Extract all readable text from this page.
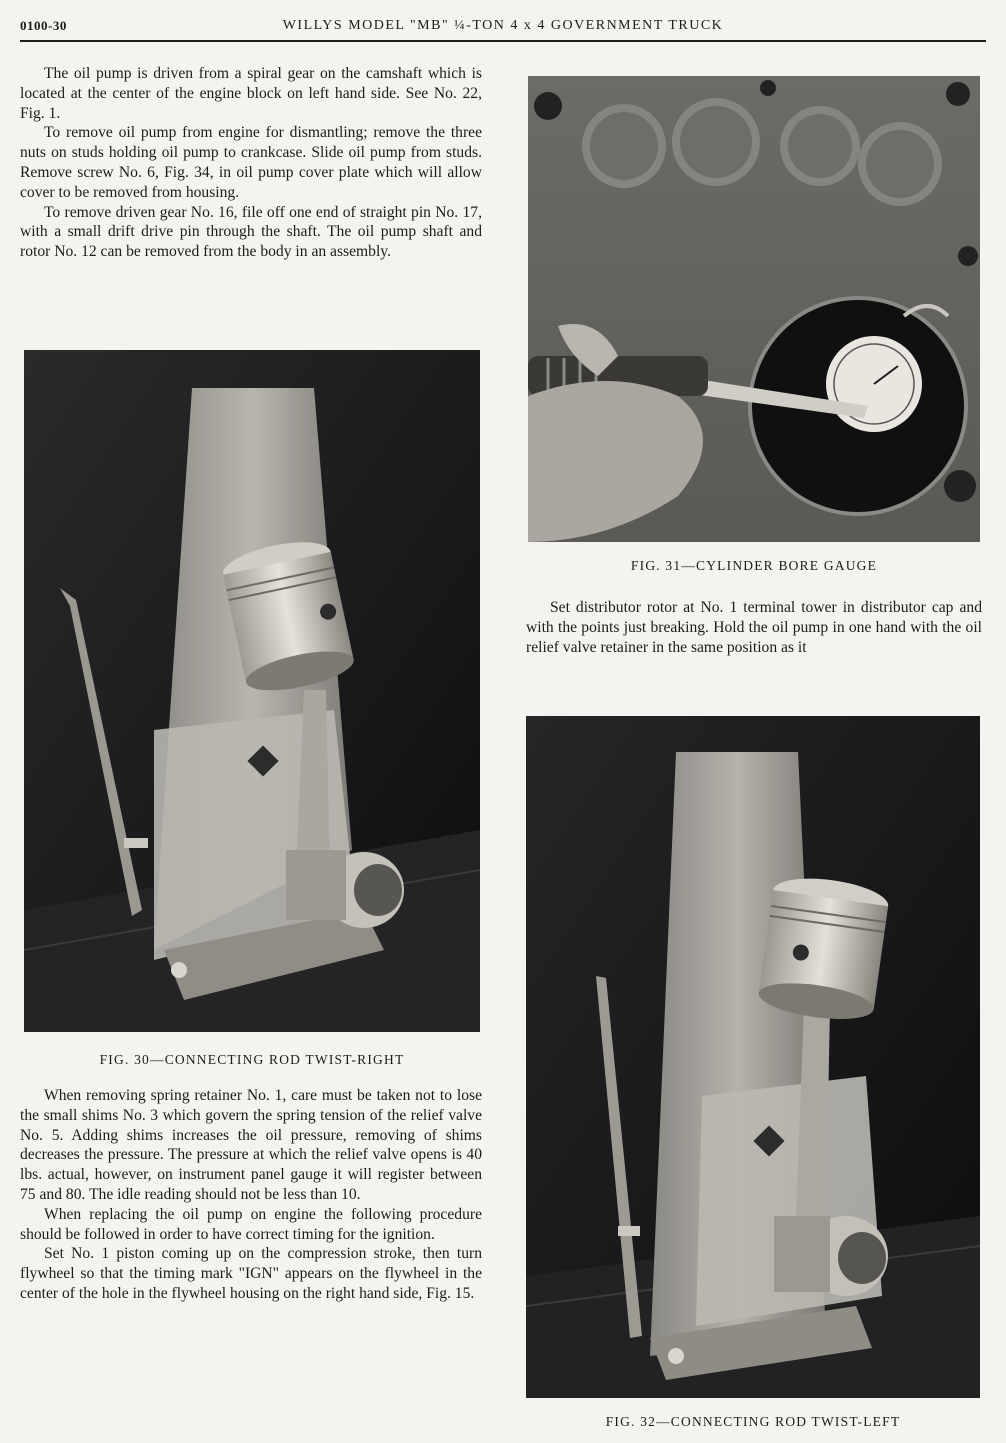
0100-30	WILLYS MODEL "MB" ¼-TON 4 x 4 GOVERNMENT TRUCK

The oil pump is driven from a spiral gear on the camshaft which is located at the center of the engine block on left hand side. See No. 22, Fig. 1.

To remove oil pump from engine for dismantling; remove the three nuts on studs holding oil pump to crankcase. Slide oil pump from studs. Remove screw No. 6, Fig. 34, in oil pump cover plate which will allow cover to be removed from housing.

To remove driven gear No. 16, file off one end of straight pin No. 17, with a small drift drive pin through the shaft. The oil pump shaft and rotor No. 12 can be removed from the body in an assembly.

FIG. 30—CONNECTING ROD TWIST-RIGHT

When removing spring retainer No. 1, care must be taken not to lose the small shims No. 3 which govern the spring tension of the relief valve No. 5. Adding shims increases the oil pressure, removing of shims decreases the pressure. The pressure at which the relief valve opens is 40 lbs. actual, however, on instrument panel gauge it will register between 75 and 80. The idle reading should not be less than 10.

When replacing the oil pump on engine the following procedure should be followed in order to have correct timing for the ignition.

Set No. 1 piston coming up on the compression stroke, then turn flywheel so that the timing mark "IGN" appears on the flywheel in the center of the hole in the flywheel housing on the right hand side, Fig. 15.

FIG. 31—CYLINDER BORE GAUGE

Set distributor rotor at No. 1 terminal tower in distributor cap and with the points just breaking. Hold the oil pump in one hand with the oil relief valve retainer in the same position as it

FIG. 32—CONNECTING ROD TWIST-LEFT
